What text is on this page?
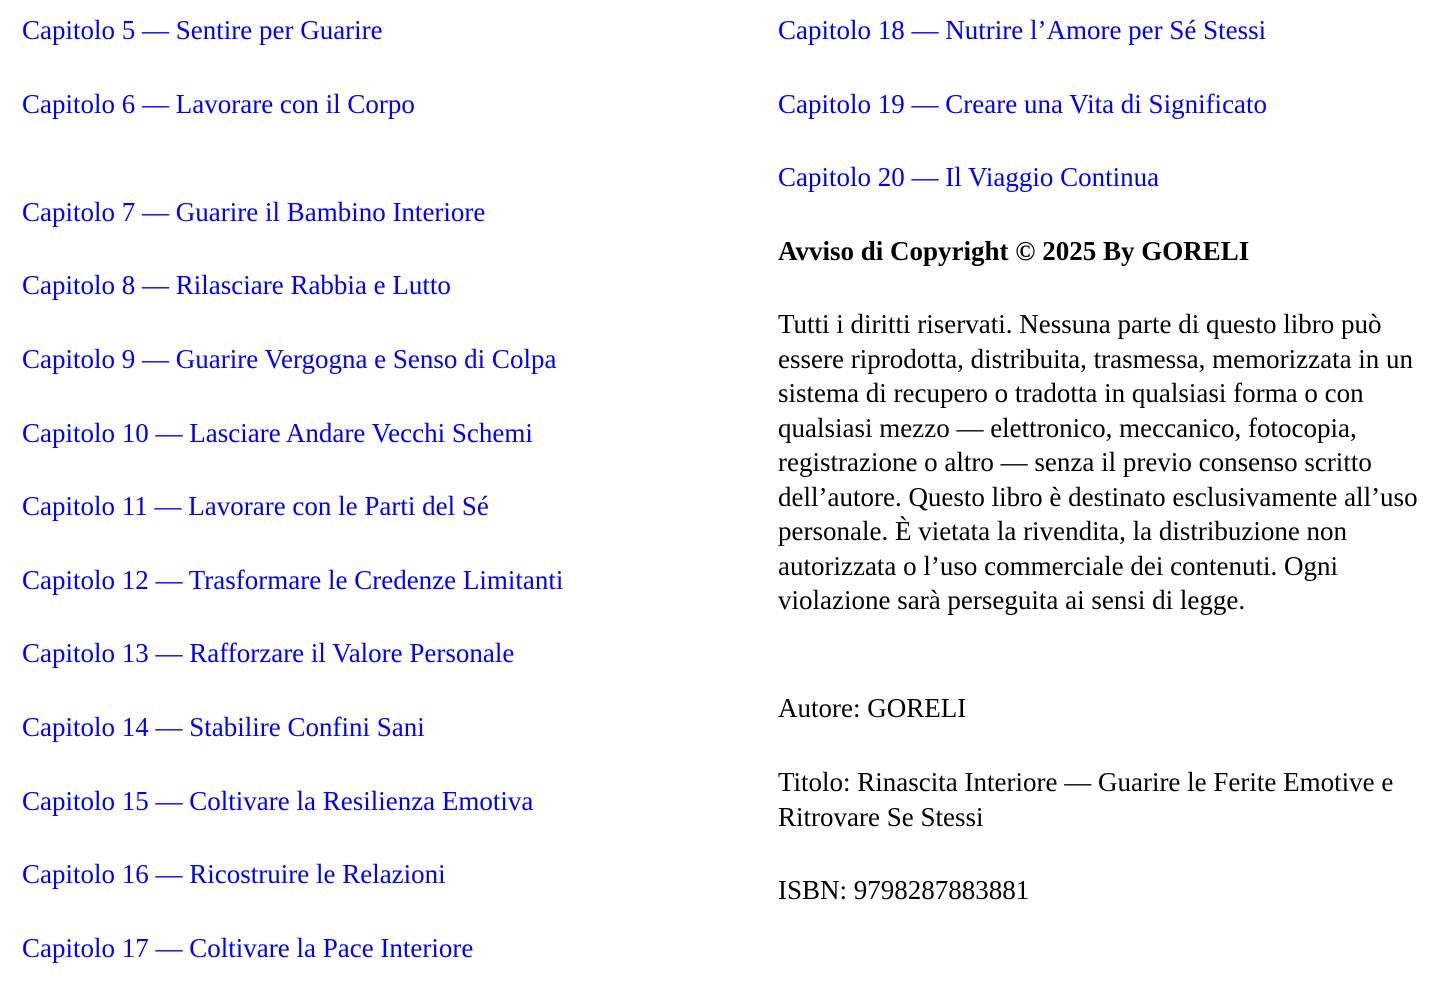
Capitolo 5 — Sentire per Guarire
Capitolo 6 — Lavorare con il Corpo
Capitolo 7 — Guarire il Bambino Interiore
Capitolo 8 — Rilasciare Rabbia e Lutto
Capitolo 9 — Guarire Vergogna e Senso di Colpa
Capitolo 10 — Lasciare Andare Vecchi Schemi
Capitolo 11 — Lavorare con le Parti del Sé
Capitolo 12 — Trasformare le Credenze Limitanti
Capitolo 13 — Rafforzare il Valore Personale
Capitolo 14 — Stabilire Confini Sani
Capitolo 15 — Coltivare la Resilienza Emotiva
Capitolo 16 — Ricostruire le Relazioni
Capitolo 17 — Coltivare la Pace Interiore
Capitolo 18 — Nutrire l’Amore per Sé Stessi
Capitolo 19 — Creare una Vita di Significato
Capitolo 20 — Il Viaggio Continua
Avviso di Copyright © 2025 By GORELI

Tutti i diritti riservati. Nessuna parte di questo libro può essere riprodotta, distribuita, trasmessa, memorizzata in un sistema di recupero o tradotta in qualsiasi forma o con qualsiasi mezzo — elettronico, meccanico, fotocopia, registrazione o altro — senza il previo consenso scritto dell’autore. Questo libro è destinato esclusivamente all’uso personale. È vietata la rivendita, la distribuzione non autorizzata o l’uso commerciale dei contenuti. Ogni violazione sarà perseguita ai sensi di legge.

Autore: GORELI

Titolo: Rinascita Interiore — Guarire le Ferite Emotive e Ritrovare Se Stessi

ISBN: 9798287883881
